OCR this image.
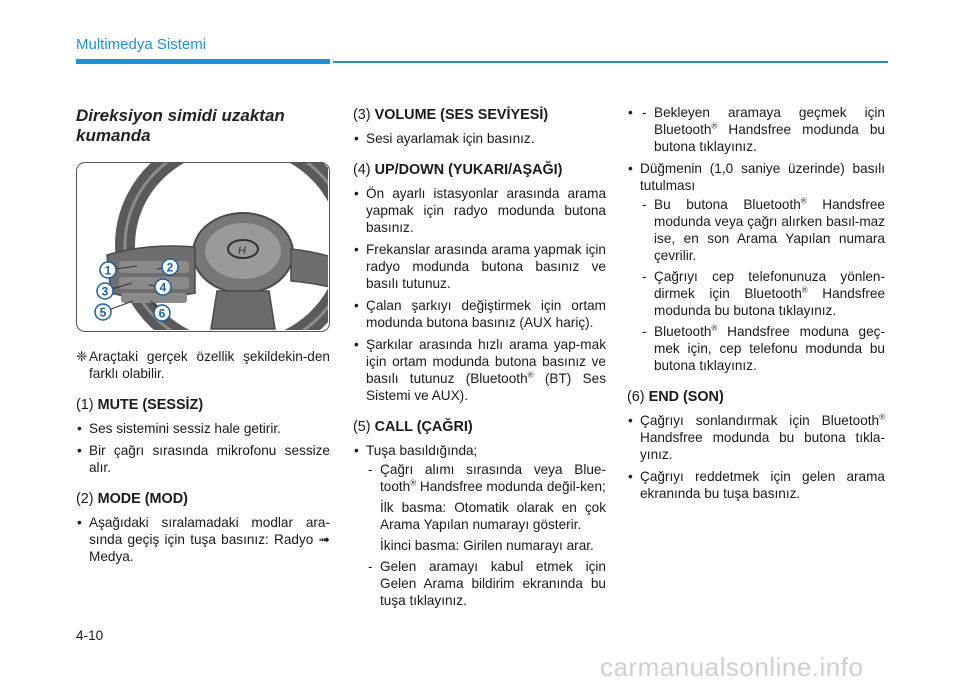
Multimedya Sistemi
Direksiyon simidi uzaktan kumanda
H
1	2
3	4
5	6
❈ Araçtaki gerçek özellik şekildekin-den farklı olabilir.
(1) MUTE (SESSİZ)
• Ses sistemini sessiz hale getirir.
• Bir çağrı sırasında mikrofonu sessize alır.
(2) MODE (MOD)
• Aşağıdaki sıralamadaki modlar ara-sında geçiş için tuşa basınız: Radyo ➟ Medya.
(3) VOLUME (SES SEVİYESİ)
• Sesi ayarlamak için basınız.
(4) UP/DOWN (YUKARI/AŞAĞI)
• Ön ayarlı istasyonlar arasında arama yapmak için radyo modunda butona basınız.
• Frekanslar arasında arama yapmak için radyo modunda butona basınız ve basılı tutunuz.
• Çalan şarkıyı değiştirmek için ortam modunda butona basınız (AUX hariç).
• Şarkılar arasında hızlı arama yap-mak için ortam modunda butona basınız ve basılı tutunuz (Bluetooth® (BT) Ses Sistemi ve AUX).
(5) CALL (ÇAĞRI)
• Tuşa basıldığında;
- Çağrı alımı sırasında veya Blue-tooth® Handsfree modunda değil-ken;
İlk basma: Otomatik olarak en çok Arama Yapılan numarayı gösterir.
İkinci basma: Girilen numarayı arar.
- Gelen aramayı kabul etmek için Gelen Arama bildirim ekranında bu tuşa tıklayınız.
- • Bekleyen aramaya geçmek için Bluetooth® Handsfree modunda bu butona tıklayınız.
• Düğmenin (1,0 saniye üzerinde) basılı tutulması
- Bu butona Bluetooth® Handsfree modunda veya çağrı alırken basıl-maz ise, en son Arama Yapılan numara çevrilir.
- Çağrıyı cep telefonunuza yönlen-dirmek için Bluetooth® Handsfree modunda bu butona tıklayınız.
- Bluetooth® Handsfree moduna geç-mek için, cep telefonu modunda bu butona tıklayınız.
(6) END (SON)
• Çağrıyı sonlandırmak için Bluetooth® Handsfree modunda bu butona tıkla-yınız.
• Çağrıyı reddetmek için gelen arama ekranında bu tuşa basınız.
4-10
carmanualsonline.info
